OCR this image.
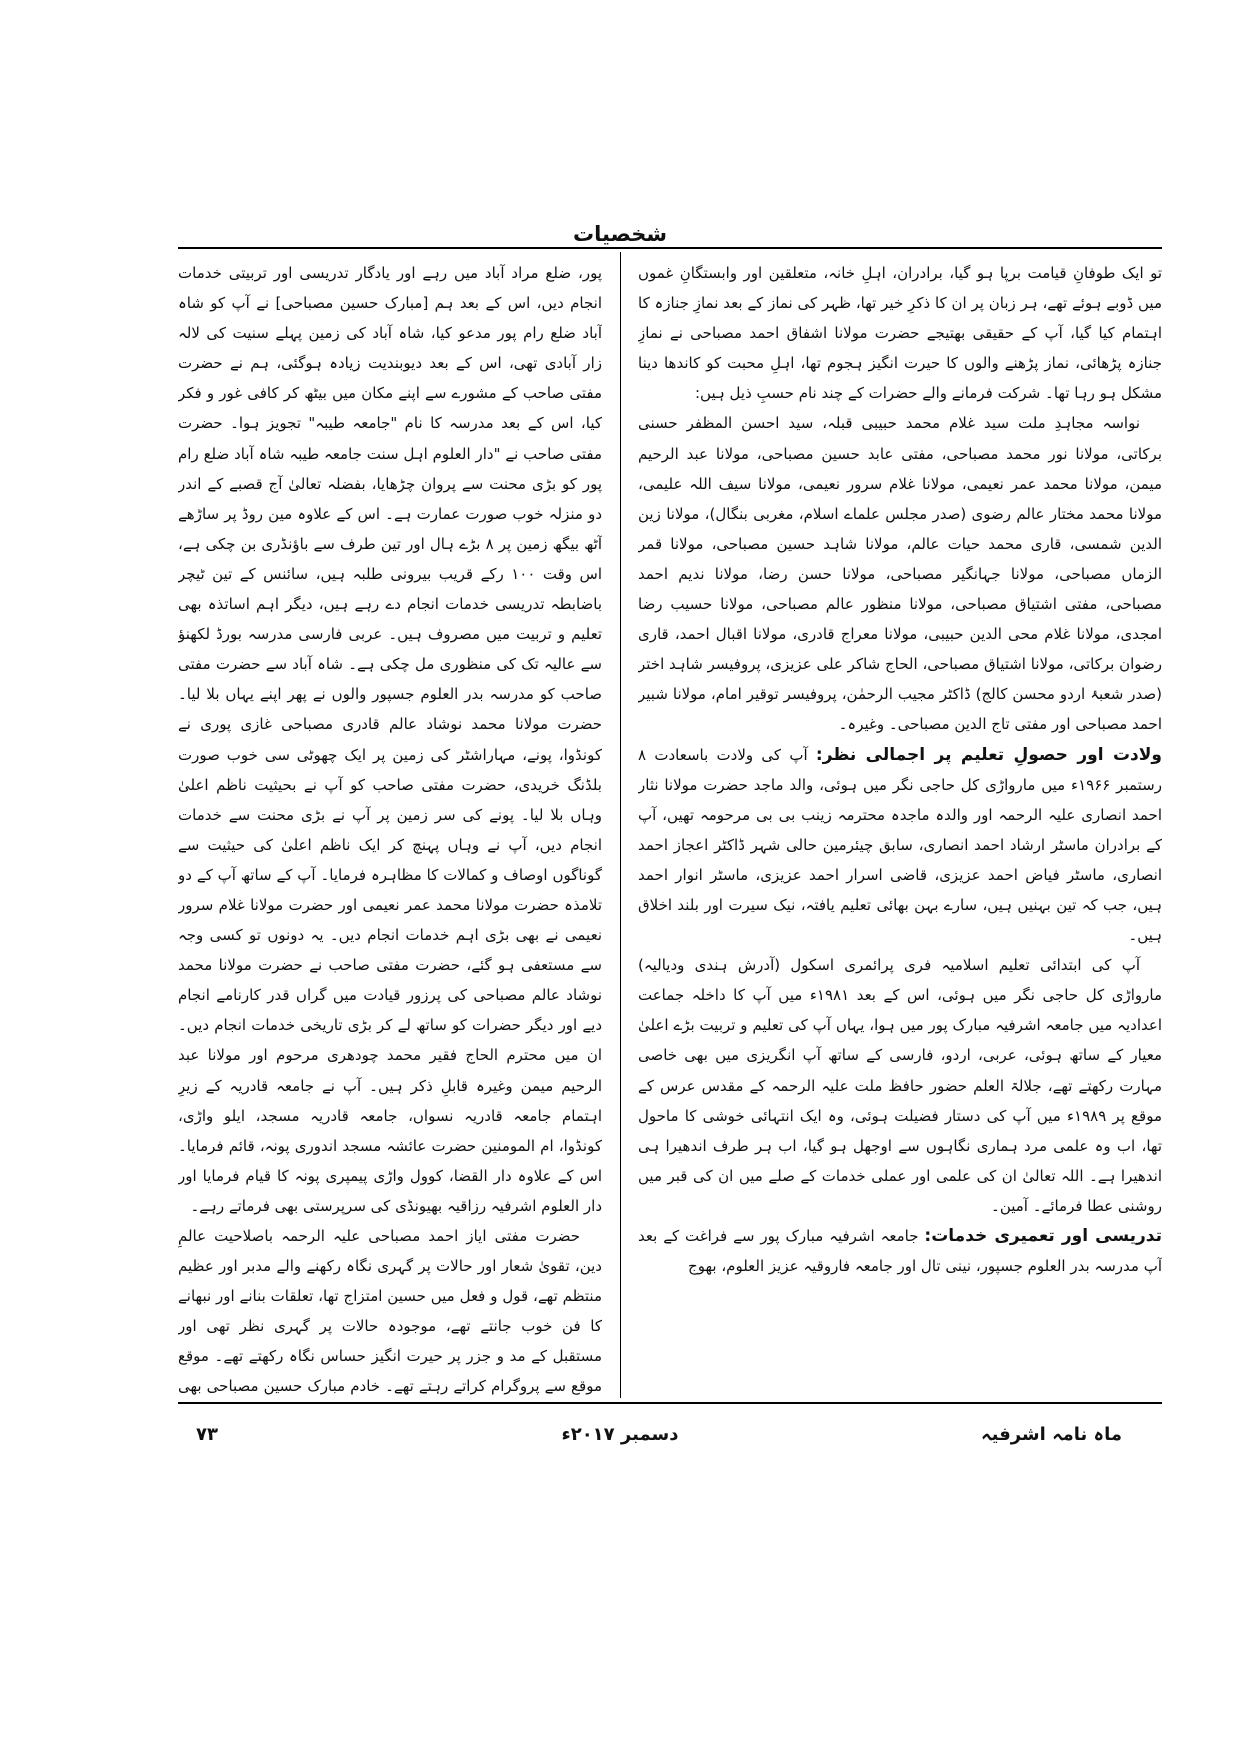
شخصیات

تو ایک طوفانِ قیامت برپا ہو گیا، برادران، اہلِ خانہ، متعلقین اور وابستگانِ غموں میں ڈوبے ہوئے تھے، ہر زبان پر ان کا ذکرِ خیر تھا، ظہر کی نماز کے بعد نمازِ جنازہ کا اہتمام کیا گیا، آپ کے حقیقی بھتیجے حضرت مولانا اشفاق احمد مصباحی نے نمازِ جنازہ پڑھائی، نماز پڑھنے والوں کا حیرت انگیز ہجوم تھا، اہلِ محبت کو کاندھا دینا مشکل ہو رہا تھا۔ شرکت فرمانے والے حضرات کے چند نام حسبِ ذیل ہیں:

نواسہ مجاہدِ ملت سید غلام محمد حبیبی قبلہ، سید احسن المظفر حسنی برکاتی، مولانا نور محمد مصباحی، مفتی عابد حسین مصباحی، مولانا عبد الرحیم میمن، مولانا محمد عمر نعیمی، مولانا غلام سرور نعیمی، مولانا سیف اللہ علیمی، مولانا محمد مختار عالم رضوی (صدر مجلس علماے اسلام، مغربی بنگال)، مولانا زین الدین شمسی، قاری محمد حیات عالم، مولانا شاہد حسین مصباحی، مولانا قمر الزماں مصباحی، مولانا جہانگیر مصباحی، مولانا حسن رضا، مولانا ندیم احمد مصباحی، مفتی اشتیاق مصباحی، مولانا منظور عالم مصباحی، مولانا حسیب رضا امجدی، مولانا غلام محی الدین حبیبی، مولانا معراج قادری، مولانا اقبال احمد، قاری رضوان برکاتی، مولانا اشتیاق مصباحی، الحاج شاکر علی عزیزی، پروفیسر شاہد اختر (صدر شعبۂ اردو محسن کالج) ڈاکٹر مجیب الرحمٰن، پروفیسر توقیر امام، مولانا شبیر احمد مصباحی اور مفتی تاج الدین مصباحی۔ وغیرہ۔

ولادت اور حصولِ تعلیم پر اجمالی نظر: آپ کی ولادت باسعادت ۸ رستمبر ۱۹۶۶ء میں مارواڑی کل حاجی نگر میں ہوئی، والد ماجد حضرت مولانا نثار احمد انصاری علیہ الرحمہ اور والدہ ماجدہ محترمہ زینب بی بی مرحومہ تھیں، آپ کے برادران ماسٹر ارشاد احمد انصاری، سابق چیئرمین حالی شہر ڈاکٹر اعجاز احمد انصاری، ماسٹر فیاض احمد عزیزی، قاضی اسرار احمد عزیزی، ماسٹر انوار احمد ہیں، جب کہ تین بہنیں ہیں، سارے بہن بھائی تعلیم یافتہ، نیک سیرت اور بلند اخلاق ہیں۔

آپ کی ابتدائی تعلیم اسلامیہ فری پرائمری اسکول (آدرش ہندی ودیالیہ) مارواڑی کل حاجی نگر میں ہوئی، اس کے بعد ۱۹۸۱ء میں آپ کا داخلہ جماعت اعدادیہ میں جامعہ اشرفیہ مبارک پور میں ہوا، یہاں آپ کی تعلیم و تربیت بڑے اعلیٰ معیار کے ساتھ ہوئی، عربی، اردو، فارسی کے ساتھ آپ انگریزی میں بھی خاصی مہارت رکھتے تھے، جلالۃ العلم حضور حافظ ملت علیہ الرحمہ کے مقدس عرس کے موقع پر ۱۹۸۹ء میں آپ کی دستار فضیلت ہوئی، وہ ایک انتہائی خوشی کا ماحول تھا، اب وہ علمی مرد ہماری نگاہوں سے اوجھل ہو گیا، اب ہر طرف اندھیرا ہی اندھیرا ہے۔ اللہ تعالیٰ ان کی علمی اور عملی خدمات کے صلے میں ان کی قبر میں روشنی عطا فرمائے۔ آمین۔

تدریسی اور تعمیری خدمات: جامعہ اشرفیہ مبارک پور سے فراغت کے بعد آپ مدرسہ بدر العلوم جسپور، نینی تال اور جامعہ فاروقیہ عزیز العلوم، بھوج

پور، ضلع مراد آباد میں رہے اور یادگار تدریسی اور تربیتی خدمات انجام دیں، اس کے بعد ہم [مبارک حسین مصباحی] نے آپ کو شاہ آباد ضلع رام پور مدعو کیا، شاہ آباد کی زمین پہلے سنیت کی لالہ زار آبادی تھی، اس کے بعد دیوبندیت زیادہ ہوگئی، ہم نے حضرت مفتی صاحب کے مشورے سے اپنے مکان میں بیٹھ کر کافی غور و فکر کیا، اس کے بعد مدرسہ کا نام "جامعہ طیبہ" تجویز ہوا۔ حضرت مفتی صاحب نے "دار العلوم اہل سنت جامعہ طیبہ شاہ آباد ضلع رام پور کو بڑی محنت سے پروان چڑھایا، بفضلہ تعالیٰ آج قصبے کے اندر دو منزلہ خوب صورت عمارت ہے۔ اس کے علاوہ مین روڈ پر ساڑھے آٹھ بیگھ زمین پر ۸ بڑے ہال اور تین طرف سے باؤنڈری بن چکی ہے، اس وقت ۱۰۰ رکے قریب بیرونی طلبہ ہیں، سائنس کے تین ٹیچر باضابطہ تدریسی خدمات انجام دے رہے ہیں، دیگر اہم اساتذہ بھی تعلیم و تربیت میں مصروف ہیں۔ عربی فارسی مدرسہ بورڈ لکھنؤ سے عالیہ تک کی منظوری مل چکی ہے۔ شاہ آباد سے حضرت مفتی صاحب کو مدرسہ بدر العلوم جسپور والوں نے پھر اپنے یہاں بلا لیا۔ حضرت مولانا محمد نوشاد عالم قادری مصباحی غازی پوری نے کونڈوا، پونے، مہاراشٹر کی زمین پر ایک چھوٹی سی خوب صورت بلڈنگ خریدی، حضرت مفتی صاحب کو آپ نے بحیثیت ناظم اعلیٰ وہاں بلا لیا۔ پونے کی سر زمین پر آپ نے بڑی محنت سے خدمات انجام دیں، آپ نے وہاں پہنچ کر ایک ناظم اعلیٰ کی حیثیت سے گوناگوں اوصاف و کمالات کا مظاہرہ فرمایا۔ آپ کے ساتھ آپ کے دو تلامذہ حضرت مولانا محمد عمر نعیمی اور حضرت مولانا غلام سرور نعیمی نے بھی بڑی اہم خدمات انجام دیں۔ یہ دونوں تو کسی وجہ سے مستعفی ہو گئے، حضرت مفتی صاحب نے حضرت مولانا محمد نوشاد عالم مصباحی کی پرزور قیادت میں گراں قدر کارنامے انجام دیے اور دیگر حضرات کو ساتھ لے کر بڑی تاریخی خدمات انجام دیں۔ ان میں محترم الحاج فقیر محمد چودھری مرحوم اور مولانا عبد الرحیم میمن وغیرہ قابلِ ذکر ہیں۔ آپ نے جامعہ قادریہ کے زیرِ اہتمام جامعہ قادریہ نسواں، جامعہ قادریہ مسجد، ایلو واڑی، کونڈوا، ام المومنین حضرت عائشہ مسجد اندوری پونہ، قائم فرمایا۔ اس کے علاوہ دار القضا، کوول واڑی پیمپری پونہ کا قیام فرمایا اور دار العلوم اشرفیہ رزاقیہ بھیونڈی کی سرپرستی بھی فرماتے رہے۔

حضرت مفتی ایاز احمد مصباحی علیہ الرحمہ باصلاحیت عالمِ دین، تقویٰ شعار اور حالات پر گہری نگاہ رکھنے والے مدبر اور عظیم منتظم تھے، قول و فعل میں حسین امتزاج تھا، تعلقات بنانے اور نبھانے کا فن خوب جانتے تھے، موجودہ حالات پر گہری نظر تھی اور مستقبل کے مد و جزر پر حیرت انگیز حساس نگاہ رکھتے تھے۔ موقع موقع سے پروگرام کراتے رہتے تھے۔ خادم مبارک حسین مصباحی بھی

ماہ نامہ اشرفیہ
دسمبر ۲۰۱۷ء
۷۳
